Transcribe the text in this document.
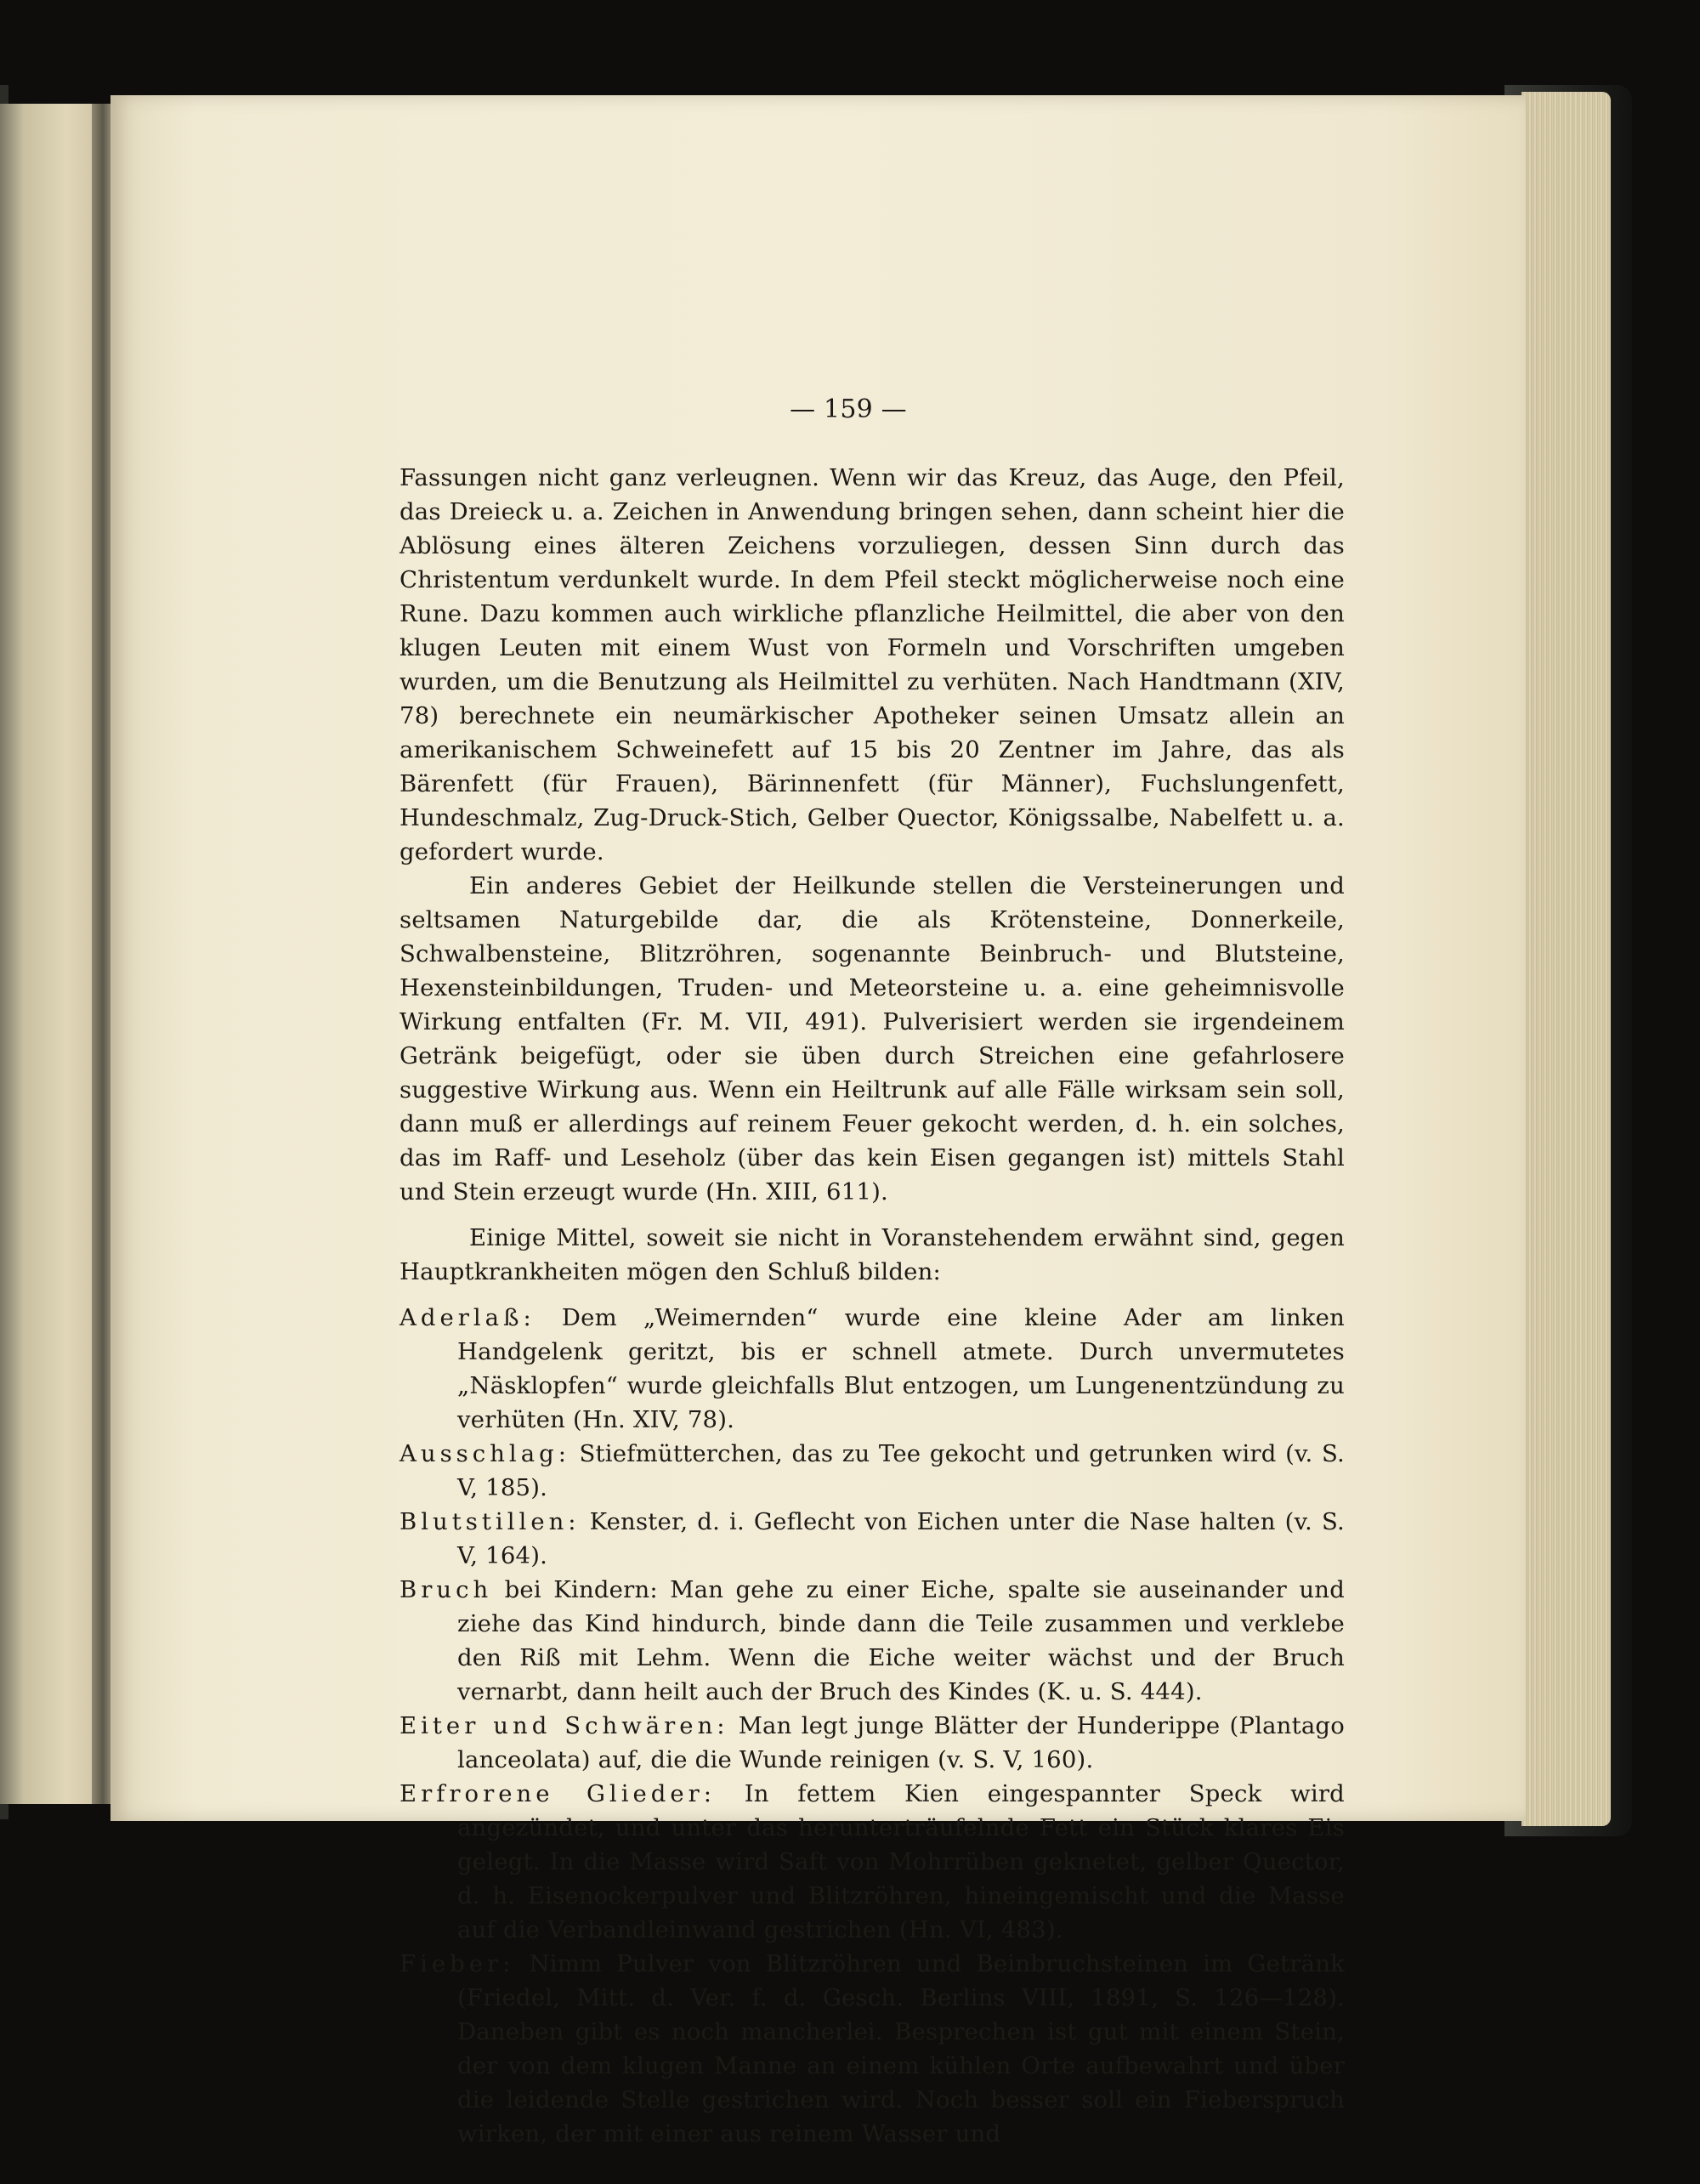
— 159 —

Fassungen nicht ganz verleugnen. Wenn wir das Kreuz, das Auge, den Pfeil, das Dreieck u. a. Zeichen in Anwendung bringen sehen, dann scheint hier die Ablösung eines älteren Zeichens vorzuliegen, dessen Sinn durch das Christentum verdunkelt wurde. In dem Pfeil steckt möglicherweise noch eine Rune. Dazu kommen auch wirkliche pflanzliche Heilmittel, die aber von den klugen Leuten mit einem Wust von Formeln und Vorschriften umgeben wurden, um die Benutzung als Heilmittel zu verhüten. Nach Handtmann (XIV, 78) berechnete ein neumärkischer Apotheker seinen Umsatz allein an amerikanischem Schweinefett auf 15 bis 20 Zentner im Jahre, das als Bärenfett (für Frauen), Bärinnenfett (für Männer), Fuchslungenfett, Hundeschmalz, Zug-Druck-Stich, Gelber Quector, Königssalbe, Nabelfett u. a. gefordert wurde.

Ein anderes Gebiet der Heilkunde stellen die Versteinerungen und seltsamen Naturgebilde dar, die als Krötensteine, Donnerkeile, Schwalbensteine, Blitzröhren, sogenannte Beinbruch- und Blutsteine, Hexensteinbildungen, Truden- und Meteorsteine u. a. eine geheimnisvolle Wirkung entfalten (Fr. M. VII, 491). Pulverisiert werden sie irgendeinem Getränk beigefügt, oder sie üben durch Streichen eine gefahrlosere suggestive Wirkung aus. Wenn ein Heiltrunk auf alle Fälle wirksam sein soll, dann muß er allerdings auf reinem Feuer gekocht werden, d. h. ein solches, das im Raff- und Leseholz (über das kein Eisen gegangen ist) mittels Stahl und Stein erzeugt wurde (Hn. XIII, 611).

Einige Mittel, soweit sie nicht in Voranstehendem erwähnt sind, gegen Hauptkrankheiten mögen den Schluß bilden:

Aderlaß: Dem „Weimernden“ wurde eine kleine Ader am linken Handgelenk geritzt, bis er schnell atmete. Durch unvermutetes „Näsklopfen“ wurde gleichfalls Blut entzogen, um Lungenentzündung zu verhüten (Hn. XIV, 78).

Ausschlag: Stiefmütterchen, das zu Tee gekocht und getrunken wird (v. S. V, 185).

Blutstillen: Kenster, d. i. Geflecht von Eichen unter die Nase halten (v. S. V, 164).

Bruch bei Kindern: Man gehe zu einer Eiche, spalte sie auseinander und ziehe das Kind hindurch, binde dann die Teile zusammen und verklebe den Riß mit Lehm. Wenn die Eiche weiter wächst und der Bruch vernarbt, dann heilt auch der Bruch des Kindes (K. u. S. 444).

Eiter und Schwären: Man legt junge Blätter der Hunderippe (Plantago lanceolata) auf, die die Wunde reinigen (v. S. V, 160).

Erfrorene Glieder: In fettem Kien eingespannter Speck wird angezündet, und unter das herunterträufelnde Fett ein Stück klares Eis gelegt. In die Masse wird Saft von Mohrrüben geknetet, gelber Quector, d. h. Eisenockerpulver und Blitzröhren, hineingemischt und die Masse auf die Verbandleinwand gestrichen (Hn. VI, 483).

Fieber: Nimm Pulver von Blitzröhren und Beinbruchsteinen im Getränk (Friedel, Mitt. d. Ver. f. d. Gesch. Berlins VIII, 1891, S. 126—128). Daneben gibt es noch mancherlei. Besprechen ist gut mit einem Stein, der von dem klugen Manne an einem kühlen Orte aufbewahrt und über die leidende Stelle gestrichen wird. Noch besser soll ein Fieberspruch wirken, der mit einer aus reinem Wasser und
